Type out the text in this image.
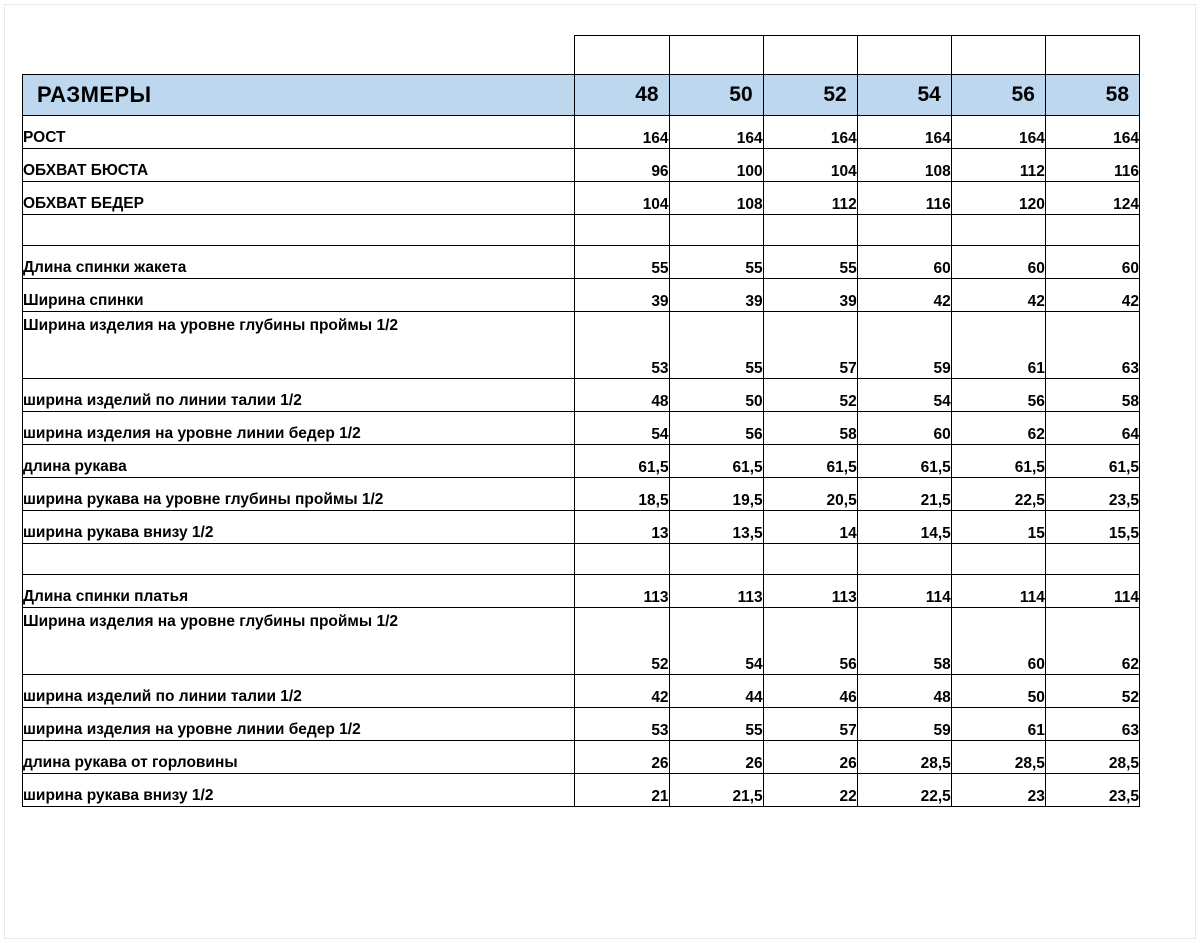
РАЗМЕРЫ	48	50	52	54	56	58
РОСТ	164	164	164	164	164	164
ОБХВАТ БЮСТА	96	100	104	108	112	116
ОБХВАТ БЕДЕР	104	108	112	116	120	124

Длина спинки жакета	55	55	55	60	60	60
Ширина спинки	39	39	39	42	42	42
Ширина изделия на уровне глубины проймы 1/2	53	55	57	59	61	63
ширина изделий по линии талии 1/2	48	50	52	54	56	58
ширина изделия на уровне линии бедер 1/2	54	56	58	60	62	64
длина рукава	61,5	61,5	61,5	61,5	61,5	61,5
ширина рукава на уровне глубины проймы 1/2	18,5	19,5	20,5	21,5	22,5	23,5
ширина рукава внизу 1/2	13	13,5	14	14,5	15	15,5

Длина спинки платья	113	113	113	114	114	114
Ширина изделия на уровне глубины проймы 1/2	52	54	56	58	60	62
ширина изделий по линии талии 1/2	42	44	46	48	50	52
ширина изделия на уровне линии бедер 1/2	53	55	57	59	61	63
длина рукава от горловины	26	26	26	28,5	28,5	28,5
ширина рукава внизу 1/2	21	21,5	22	22,5	23	23,5
